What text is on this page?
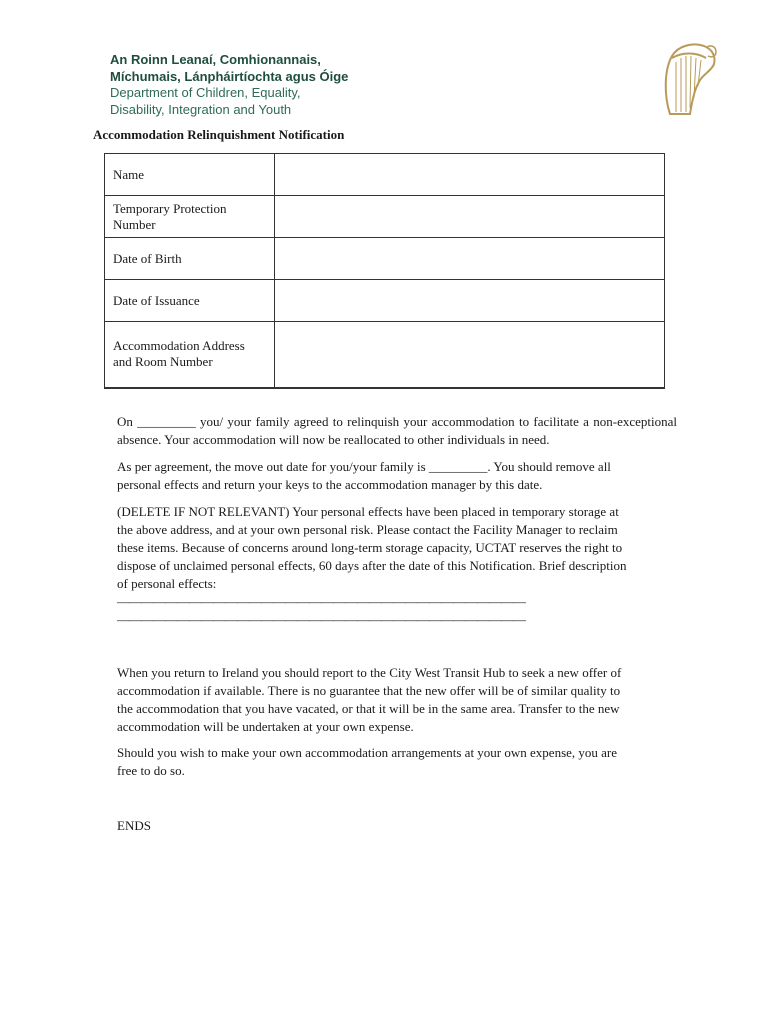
An Roinn Leanaí, Comhionannais,
Míchumais, Lánpháirtíochta agus Óige
Department of Children, Equality,
Disability, Integration and Youth
Accommodation Relinquishment Notification
Name	
Temporary Protection
Number	
Date of Birth	
Date of Issuance	
Accommodation Address
and Room Number	

On _________ you/ your family agreed to relinquish your accommodation to facilitate a non-exceptional absence. Your accommodation will now be reallocated to other individuals in need.

As per agreement, the move out date for you/your family is _________. You should remove all
personal effects and return your keys to the accommodation manager by this date.

(DELETE IF NOT RELEVANT) Your personal effects have been placed in temporary storage at
the above address, and at your own personal risk. Please contact the Facility Manager to reclaim
these items. Because of concerns around long-term storage capacity, UCTAT reserves the right to
dispose of unclaimed personal effects, 60 days after the date of this Notification. Brief description
of personal effects:

——————————————————————————————————
——————————————————————————————————

When you return to Ireland you should report to the City West Transit Hub to seek a new offer of
accommodation if available. There is no guarantee that the new offer will be of similar quality to
the accommodation that you have vacated, or that it will be in the same area. Transfer to the new
accommodation will be undertaken at your own expense.

Should you wish to make your own accommodation arrangements at your own expense, you are
free to do so.

ENDS
